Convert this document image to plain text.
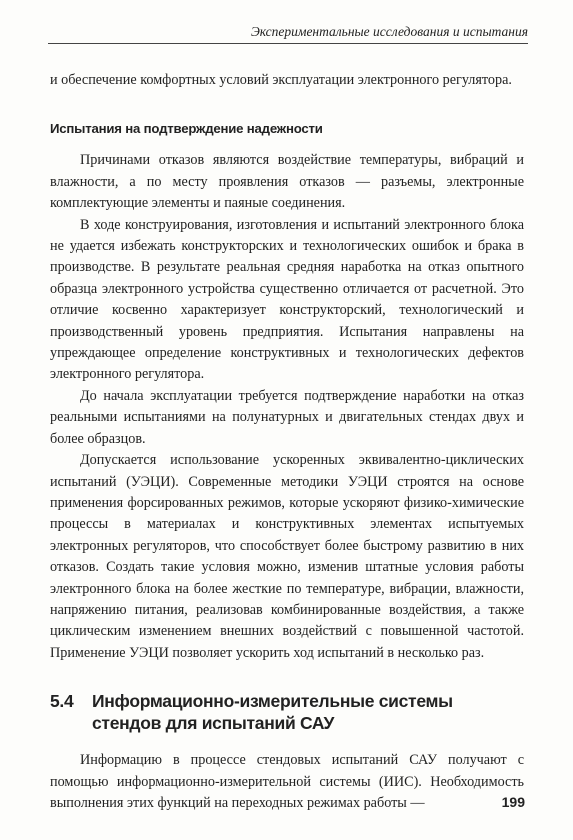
Экспериментальные исследования и испытания

и обеспечение комфортных условий эксплуатации электронного регулятора.

Испытания на подтверждение надежности

Причинами отказов являются воздействие температуры, вибраций и влажности, а по месту проявления отказов — разъемы, электронные комплектующие элементы и паяные соединения.

В ходе конструирования, изготовления и испытаний электронного блока не удается избежать конструкторских и технологических ошибок и брака в производстве. В результате реальная средняя наработка на отказ опытного образца электронного устройства существенно отличается от расчетной. Это отличие косвенно характеризует конструкторский, технологический и производственный уровень предприятия. Испытания направлены на упреждающее определение конструктивных и технологических дефектов электронного регулятора.

До начала эксплуатации требуется подтверждение наработки на отказ реальными испытаниями на полунатурных и двигательных стендах двух и более образцов.

Допускается использование ускоренных эквивалентно-циклических испытаний (УЭЦИ). Современные методики УЭЦИ строятся на основе применения форсированных режимов, которые ускоряют физико-химические процессы в материалах и конструктивных элементах испытуемых электронных регуляторов, что способствует более быстрому развитию в них отказов. Создать такие условия можно, изменив штатные условия работы электронного блока на более жесткие по температуре, вибрации, влажности, напряжению питания, реализовав комбинированные воздействия, а также циклическим изменением внешних воздействий с повышенной частотой. Применение УЭЦИ позволяет ускорить ход испытаний в несколько раз.

5.4	Информационно-измерительные системы стендов для испытаний САУ

Информацию в процессе стендовых испытаний САУ получают с помощью информационно-измерительной системы (ИИС). Необходимость выполнения этих функций на переходных режимах работы —	199
